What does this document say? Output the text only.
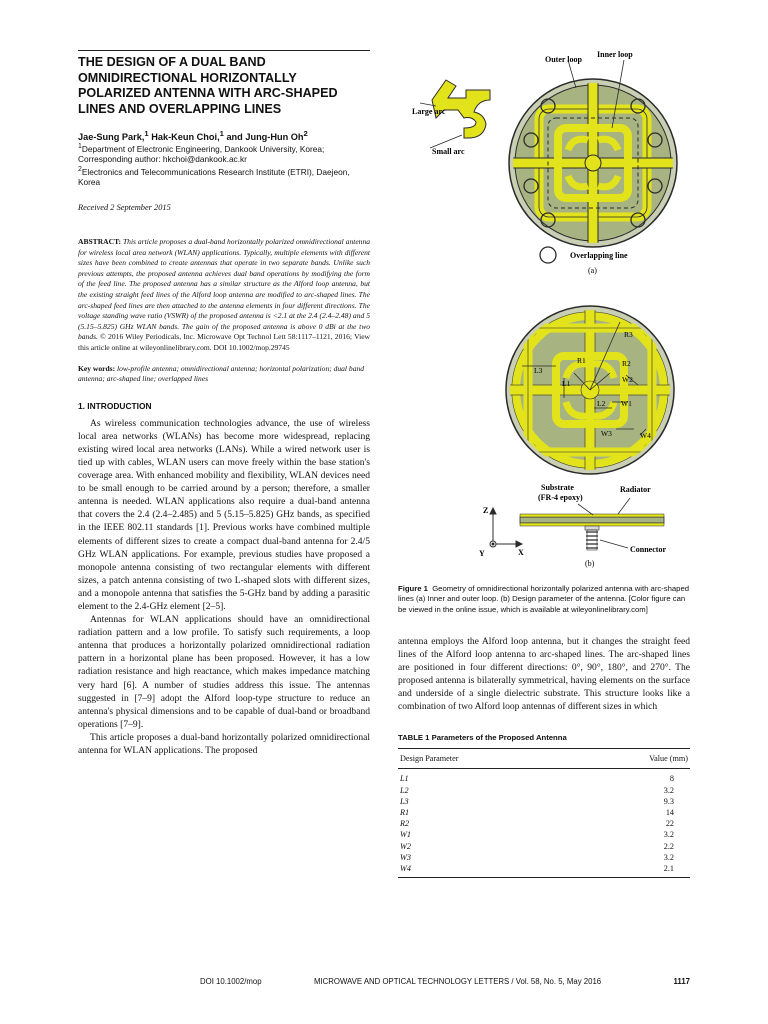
THE DESIGN OF A DUAL BAND OMNIDIRECTIONAL HORIZONTALLY POLARIZED ANTENNA WITH ARC-SHAPED LINES AND OVERLAPPING LINES
Jae-Sung Park,$^1$ Hak-Keun Choi,$^1$ and Jung-Hun Oh$^2$
$^1$Department of Electronic Engineering, Dankook University, Korea; Corresponding author: hkchoi@dankook.ac.kr
$^2$Electronics and Telecommunications Research Institute (ETRI), Daejeon, Korea
Received 2 September 2015
ABSTRACT: This article proposes a dual-band horizontally polarized omnidirectional antenna for wireless local area network (WLAN) applications. Typically, multiple elements with different sizes have been combined to create antennas that operate in two separate bands. Unlike such previous attempts, the proposed antenna achieves dual band operations by modifying the form of the feed line. The proposed antenna has a similar structure as the Alford loop antenna, but the existing straight feed lines of the Alford loop antenna are modified to arc-shaped lines. The arc-shaped feed lines are then attached to the antenna elements in four different directions. The voltage standing wave ratio (VSWR) of the proposed antenna is <2.1 at the 2.4 (2.4–2.48) and 5 (5.15–5.825) GHz WLAN bands. The gain of the proposed antenna is above 0 dBi at the two bands. © 2016 Wiley Periodicals, Inc. Microwave Opt Technol Lett 58:1117–1121, 2016; View this article online at wileyonlinelibrary.com. DOI 10.1002/mop.29745
Key words: low-profile antenna; omnidirectional antenna; horizontal polarization; dual band antenna; arc-shaped line; overlapped lines
1. INTRODUCTION

As wireless communication technologies advance, the use of wireless local area networks (WLANs) has become more widespread, replacing existing wired local area networks (LANs). While a wired network user is tied up with cables, WLAN users can move freely within the base station's coverage area. With enhanced mobility and flexibility, WLAN devices need to be small enough to be carried around by a person; therefore, a smaller antenna is needed. WLAN applications also require a dual-band antenna that covers the 2.4 (2.4–2.485) and 5 (5.15–5.825) GHz bands, as specified in the IEEE 802.11 standards [1]. Previous works have combined multiple elements of different sizes to create a compact dual-band antenna for 2.4/5 GHz WLAN applications. For example, previous studies have proposed a monopole antenna consisting of two rectangular elements with different sizes, a patch antenna consisting of two L-shaped slots with different sizes, and a monopole antenna that satisfies the 5-GHz band by adding a parasitic element to the 2.4-GHz element [2–5].

Antennas for WLAN applications should have an omnidirectional radiation pattern and a low profile. To satisfy such requirements, a loop antenna that produces a horizontally polarized omnidirectional radiation pattern in a horizontal plane has been proposed. However, it has a low radiation resistance and high reactance, which makes impedance matching very hard [6]. A number of studies address this issue. The antennas suggested in [7–9] adopt the Alford loop-type structure to reduce an antenna's physical dimensions and to be capable of dual-band or broadband operations [7–9].

This article proposes a dual-band horizontally polarized omnidirectional antenna for WLAN applications. The proposed

Outer loop
Inner loop
Large arc
Small arc
Overlapping line
(a)
R3
R1	R2
L3
L1	W2
W1
L2
W3	W4
Substrate
(FR-4 epoxy)
Radiator
Connector
Z
Y	X
(b)
Figure 1 Geometry of omnidirectional horizontally polarized antenna with arc-shaped lines (a) Inner and outer loop. (b) Design parameter of the antenna. [Color figure can be viewed in the online issue, which is available at wileyonlinelibrary.com]

antenna employs the Alford loop antenna, but it changes the straight feed lines of the Alford loop antenna to arc-shaped lines. The arc-shaped lines are positioned in four different directions: 0°, 90°, 180°, and 270°. The proposed antenna is bilaterally symmetrical, having elements on the surface and underside of a single dielectric substrate. This structure looks like a combination of two Alford loop antennas of different sizes in which

TABLE 1 Parameters of the Proposed Antenna
Design Parameter	Value (mm)
L1	8
L2	3.2
L3	9.3
R1	14
R2	22
W1	3.2
W2	2.2
W3	3.2
W4	2.1
DOI 10.1002/mop	MICROWAVE AND OPTICAL TECHNOLOGY LETTERS / Vol. 58, No. 5, May 2016	1117
